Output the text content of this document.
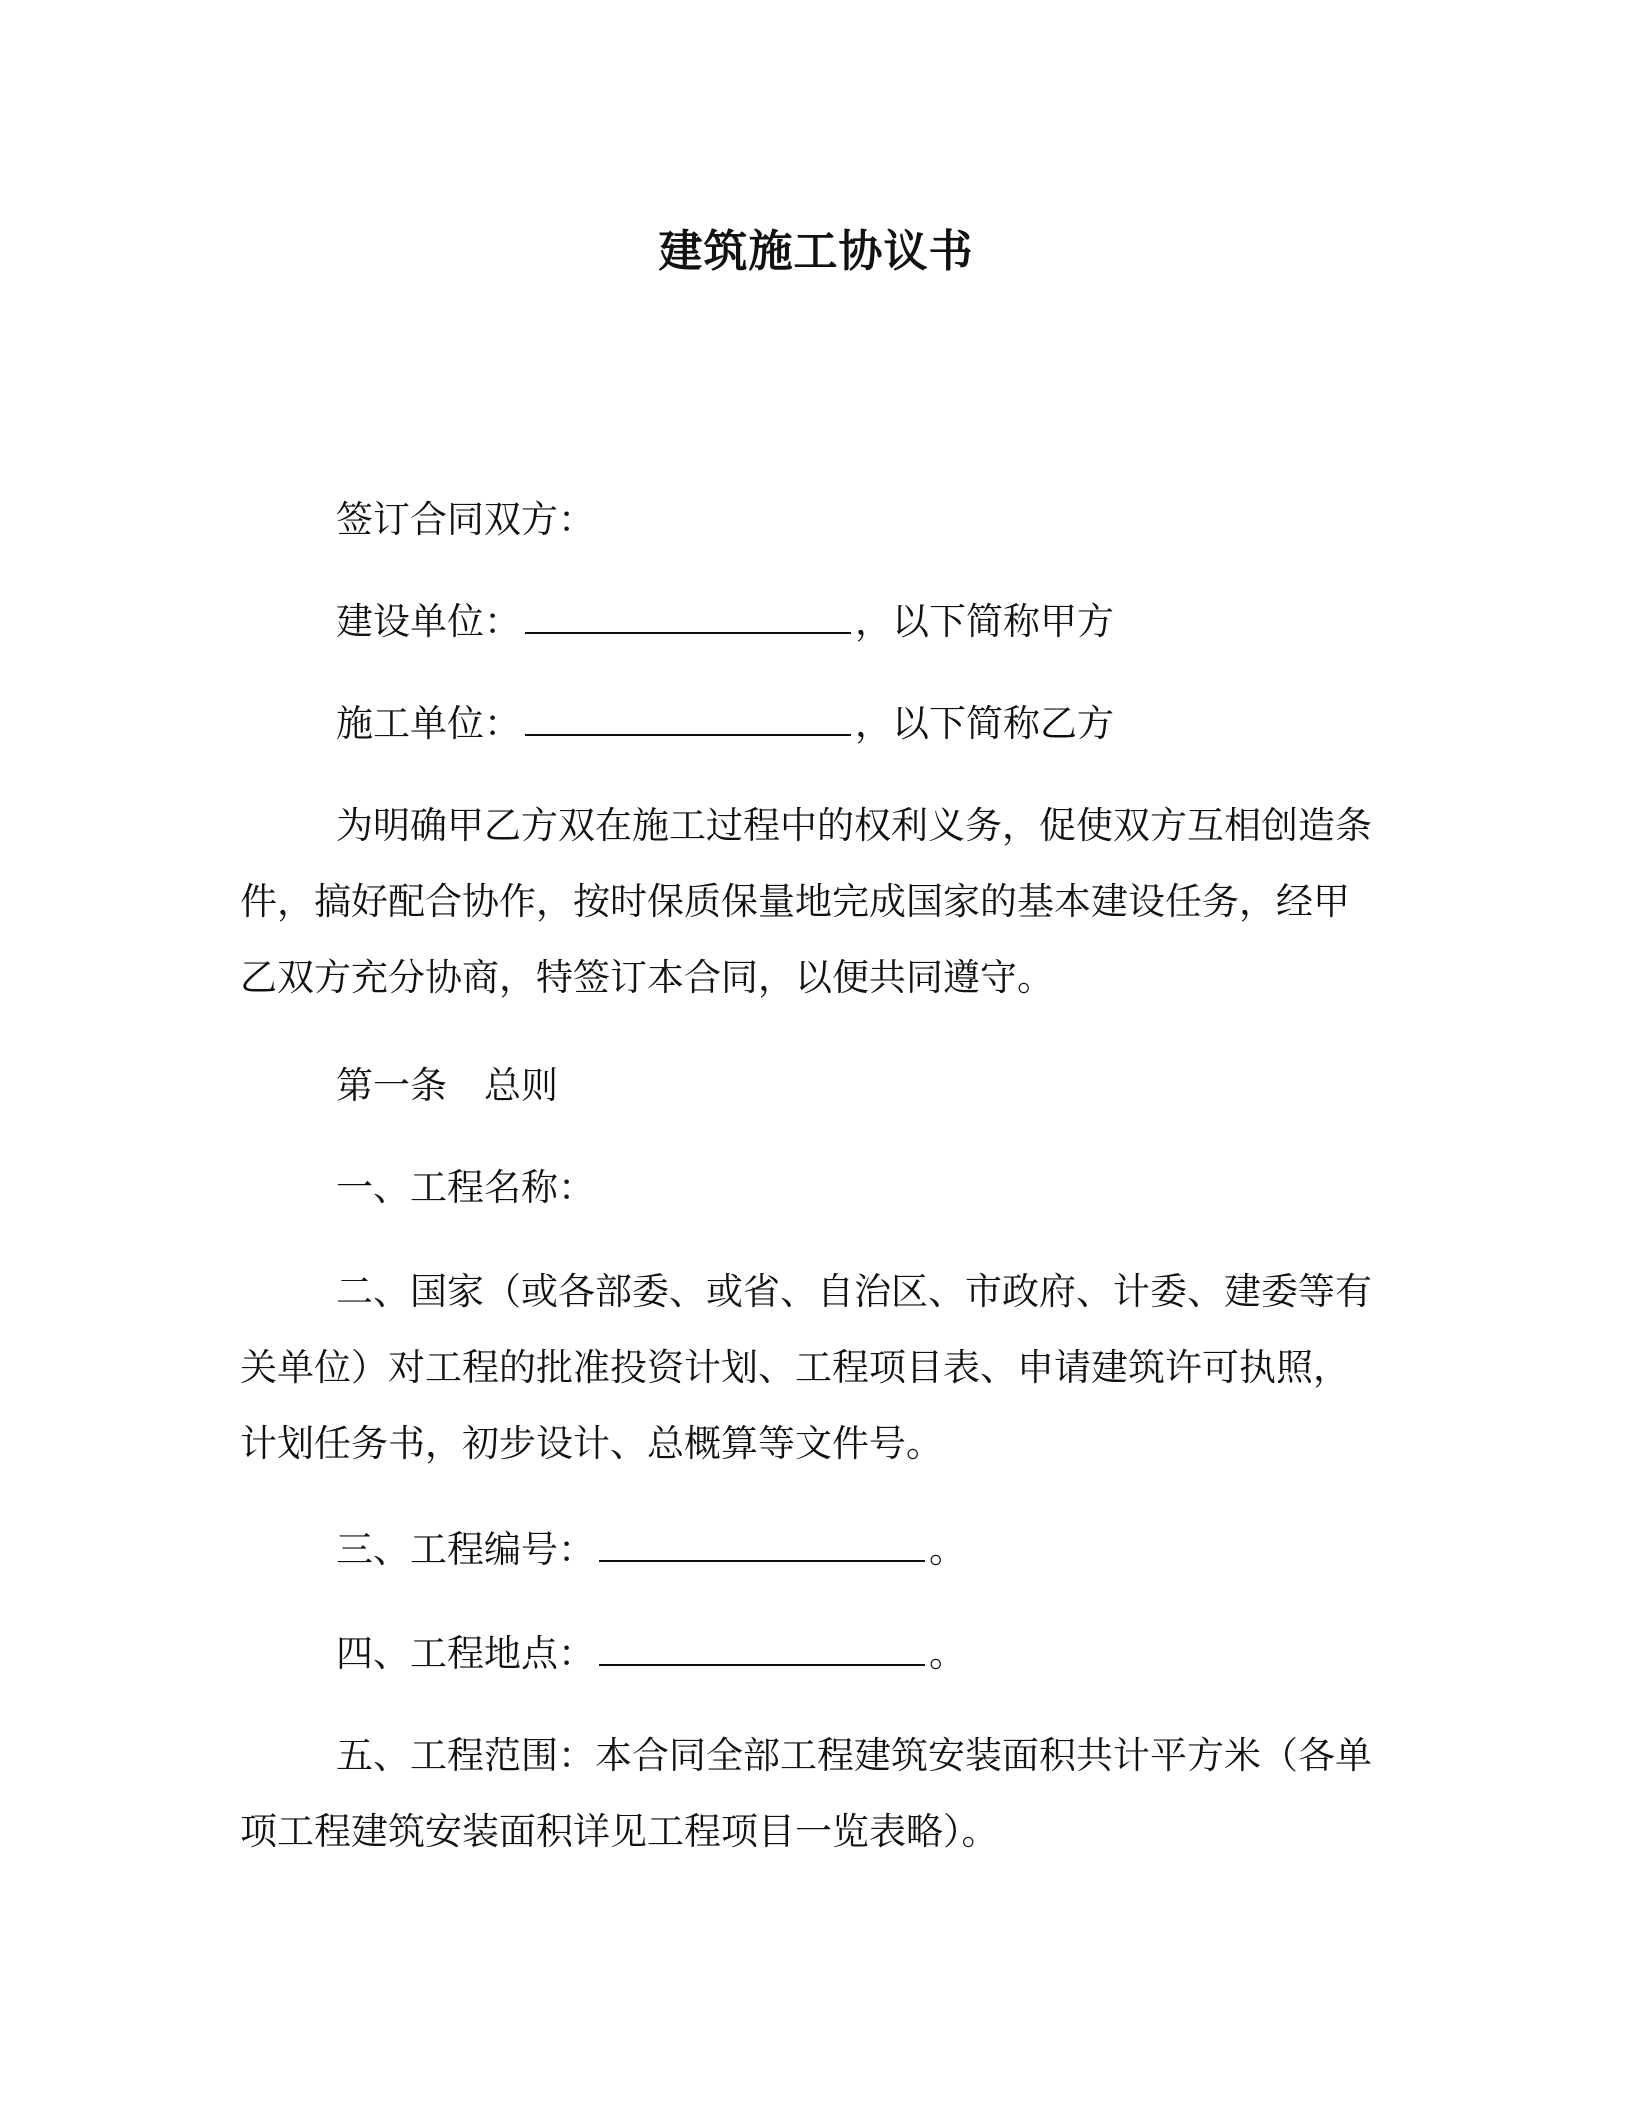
建筑施工协议书

签订合同双方：

建设单位：	，以下简称甲方

施工单位：	，以下简称乙方

为明确甲乙方双在施工过程中的权利义务，促使双方互相创造条
件，搞好配合协作，按时保质保量地完成国家的基本建设任务，经甲
乙双方充分协商，特签订本合同，以便共同遵守。

第一条　总则

一、工程名称：

二、国家（或各部委、或省、自治区、市政府、计委、建委等有
关单位）对工程的批准投资计划、工程项目表、申请建筑许可执照，
计划任务书，初步设计、总概算等文件号。

三、工程编号：	。

四、工程地点：	。

五、工程范围：本合同全部工程建筑安装面积共计平方米（各单
项工程建筑安装面积详见工程项目一览表略）。
